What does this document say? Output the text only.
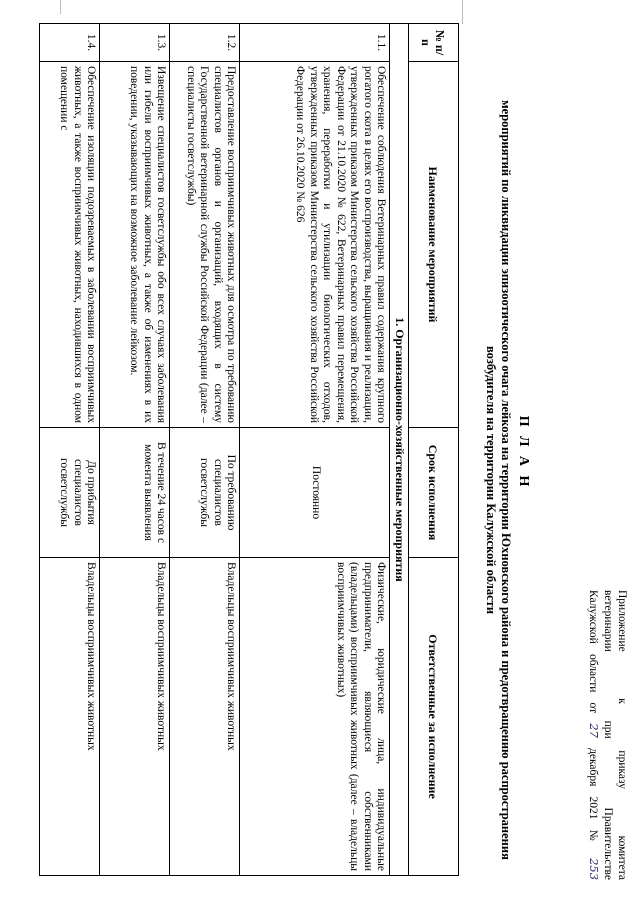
Приложение к приказу комитета
ветеринарии при Правительстве
Калужской области от 27 декабря 2021 № 253
П Л А Н
мероприятий по ликвидации эпизоотического очага лейкоза на территории Юхновского района и предотвращению распространения возбудителя на территории Калужской области
№ п/п	Наименование мероприятий	Срок исполнения	Ответственные за исполнение
1. Организационно-хозяйственные мероприятия			
1.1.	Обеспечение соблюдения Ветеринарных правил содержания крупного рогатого скота в целях его воспроизводства, выращивания и реализации, утвержденных приказом Министерства сельского хозяйства Российской Федерации от 21.10.2020 № 622, Ветеринарных правил перемещения, хранения, переработки и утилизации биологических отходов, утвержденных приказом Министерства сельского хозяйства Российской Федерации от 26.10.2020 № 626	Постоянно	Физические, юридические лица, индивидуальные предприниматели, являющиеся собственниками (владельцами) восприимчивых животных (далее – владельцы восприимчивых животных)
1.2.	Предоставление восприимчивых животных для осмотра по требованию специалистов органов и организаций, входящих в систему Государственной ветеринарной службы Российской Федерации (далее – специалисты госветслужбы)	По требованию специалистов госветслужбы	Владельцы восприимчивых животных
1.3.	Извещение специалистов госветслужбы обо всех случаях заболевания или гибели восприимчивых животных, а также об изменениях в их поведении, указывающих на возможное заболевание лейкозом.	В течение 24 часов с момента выявления	Владельцы восприимчивых животных
1.4.	Обеспечение изоляции подозреваемых в заболевании восприимчивых животных, а также восприимчивых животных, находившихся в одном помещении с	До прибытия специалистов госветслужбы	Владельцы восприимчивых животных
